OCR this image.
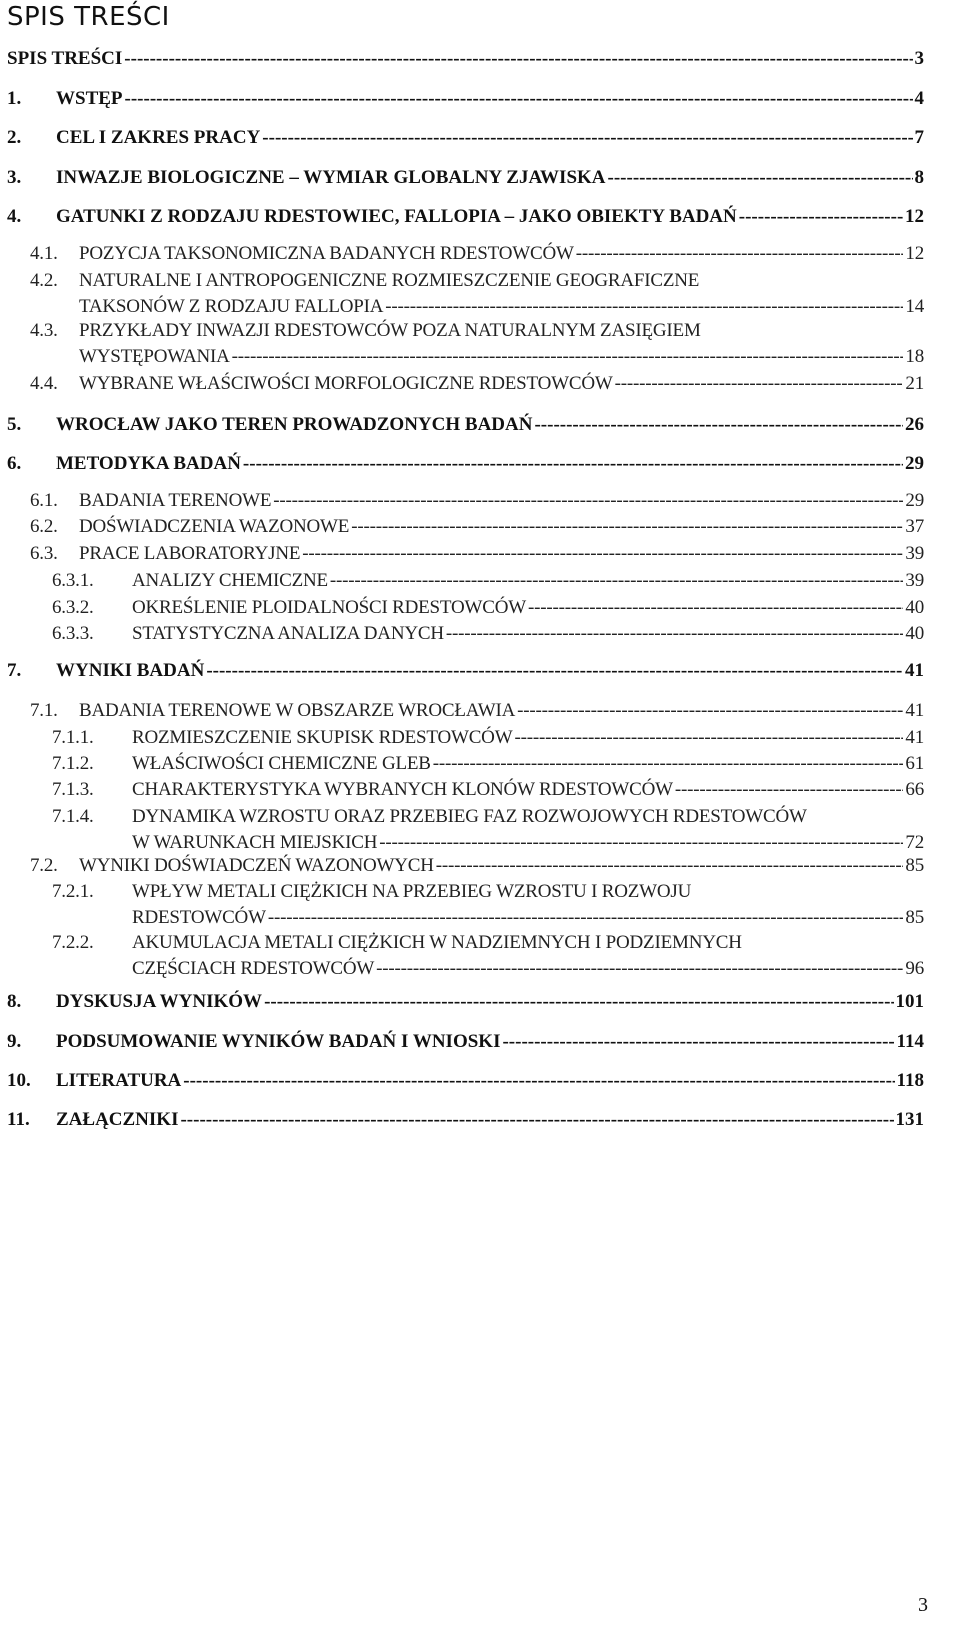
SPIS TREŚCI
SPIS TREŚCI -----	3
1.	WSTĘP -----	4
2.	CEL I ZAKRES PRACY -----	7
3.	INWAZJE BIOLOGICZNE – WYMIAR GLOBALNY ZJAWISKA -----	8
4.	GATUNKI Z RODZAJU RDESTOWIEC, FALLOPIA – JAKO OBIEKTY BADAŃ -----	12
4.1.	POZYCJA TAKSONOMICZNA BADANYCH RDESTOWCÓW -----	12
4.2.	NATURALNE I ANTROPOGENICZNE ROZMIESZCZENIE GEOGRAFICZNE
TAKSONÓW Z RODZAJU FALLOPIA -----	14
4.3.	PRZYKŁADY INWAZJI RDESTOWCÓW POZA NATURALNYM ZASIĘGIEM
WYSTĘPOWANIA -----	18
4.4.	WYBRANE WŁAŚCIWOŚCI MORFOLOGICZNE RDESTOWCÓW -----	21
5.	WROCŁAW JAKO TEREN PROWADZONYCH BADAŃ -----	26
6.	METODYKA BADAŃ -----	29
6.1.	BADANIA TERENOWE -----	29
6.2.	DOŚWIADCZENIA WAZONOWE -----	37
6.3.	PRACE LABORATORYJNE -----	39
6.3.1.	ANALIZY CHEMICZNE -----	39
6.3.2.	OKREŚLENIE PLOIDALNOŚCI RDESTOWCÓW -----	40
6.3.3.	STATYSTYCZNA ANALIZA DANYCH -----	40
7.	WYNIKI BADAŃ -----	41
7.1.	BADANIA TERENOWE W OBSZARZE WROCŁAWIA -----	41
7.1.1.	ROZMIESZCZENIE SKUPISK RDESTOWCÓW -----	41
7.1.2.	WŁAŚCIWOŚCI CHEMICZNE GLEB -----	61
7.1.3.	CHARAKTERYSTYKA WYBRANYCH KLONÓW RDESTOWCÓW -----	66
7.1.4.	DYNAMIKA WZROSTU ORAZ PRZEBIEG FAZ ROZWOJOWYCH RDESTOWCÓW
W WARUNKACH MIEJSKICH -----	72
7.2.	WYNIKI DOŚWIADCZEŃ WAZONOWYCH -----	85
7.2.1.	WPŁYW METALI CIĘŻKICH NA PRZEBIEG WZROSTU I ROZWOJU
RDESTOWCÓW -----	85
7.2.2.	AKUMULACJA METALI CIĘŻKICH W NADZIEMNYCH I PODZIEMNYCH
CZĘŚCIACH RDESTOWCÓW -----	96
8.	DYSKUSJA WYNIKÓW -----	101
9.	PODSUMOWANIE WYNIKÓW BADAŃ I WNIOSKI -----	114
10.	LITERATURA -----	118
11.	ZAŁĄCZNIKI -----	131
3
